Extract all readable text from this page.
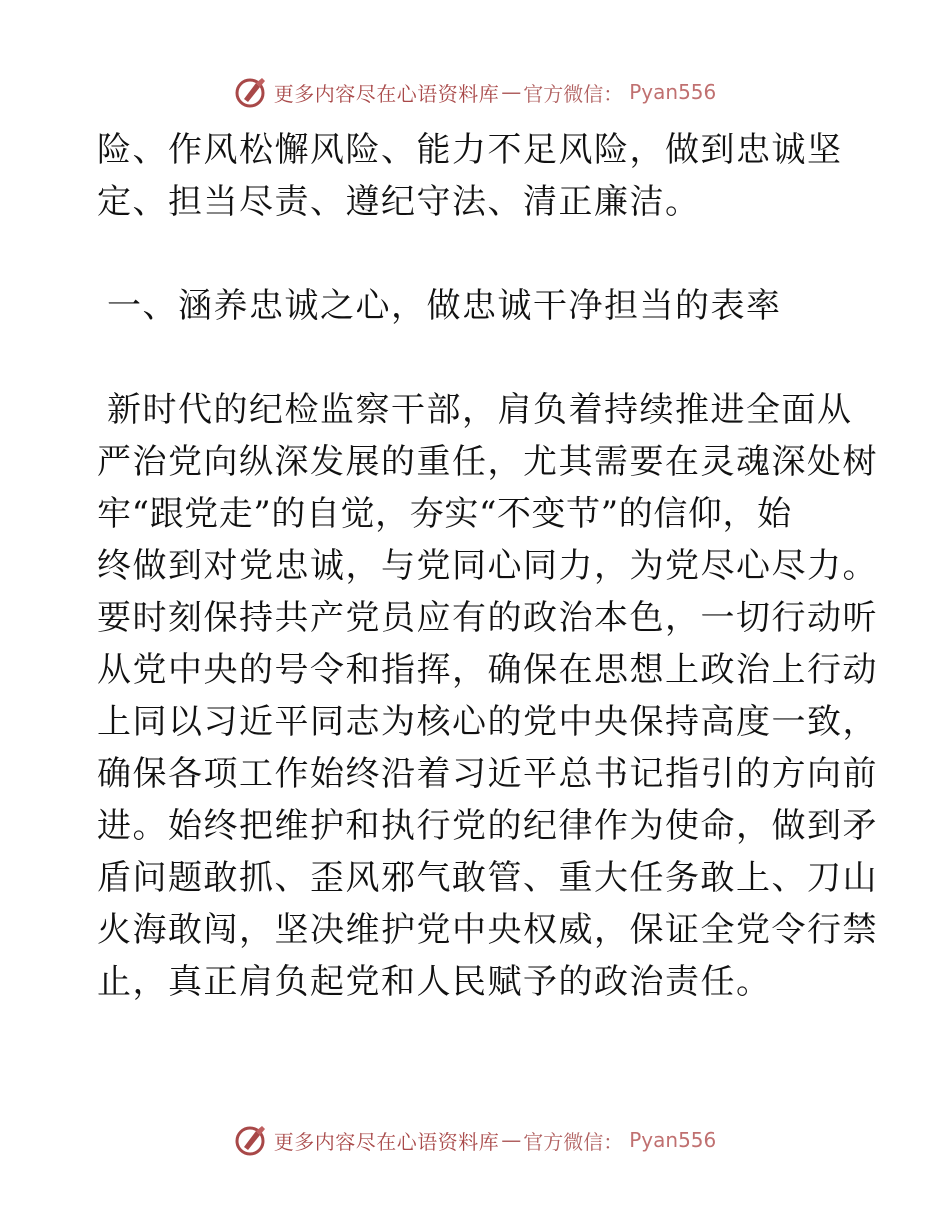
更多内容尽在心语资料库 — 官方微信： Pyan556
险、作风松懈风险、能力不足风险，做到忠诚坚
定、担当尽责、遵纪守法、清正廉洁。
一、涵养忠诚之心，做忠诚干净担当的表率
新时代的纪检监察干部，肩负着持续推进全面从
严治党向纵深发展的重任，尤其需要在灵魂深处树
牢“跟党走”的自觉，夯实“不变节”的信仰，始
终做到对党忠诚，与党同心同力，为党尽心尽力。
要时刻保持共产党员应有的政治本色，一切行动听
从党中央的号令和指挥，确保在思想上政治上行动
上同以习近平同志为核心的党中央保持高度一致，
确保各项工作始终沿着习近平总书记指引的方向前
进。始终把维护和执行党的纪律作为使命，做到矛
盾问题敢抓、歪风邪气敢管、重大任务敢上、刀山
火海敢闯，坚决维护党中央权威，保证全党令行禁
止，真正肩负起党和人民赋予的政治责任。
更多内容尽在心语资料库 — 官方微信： Pyan556
